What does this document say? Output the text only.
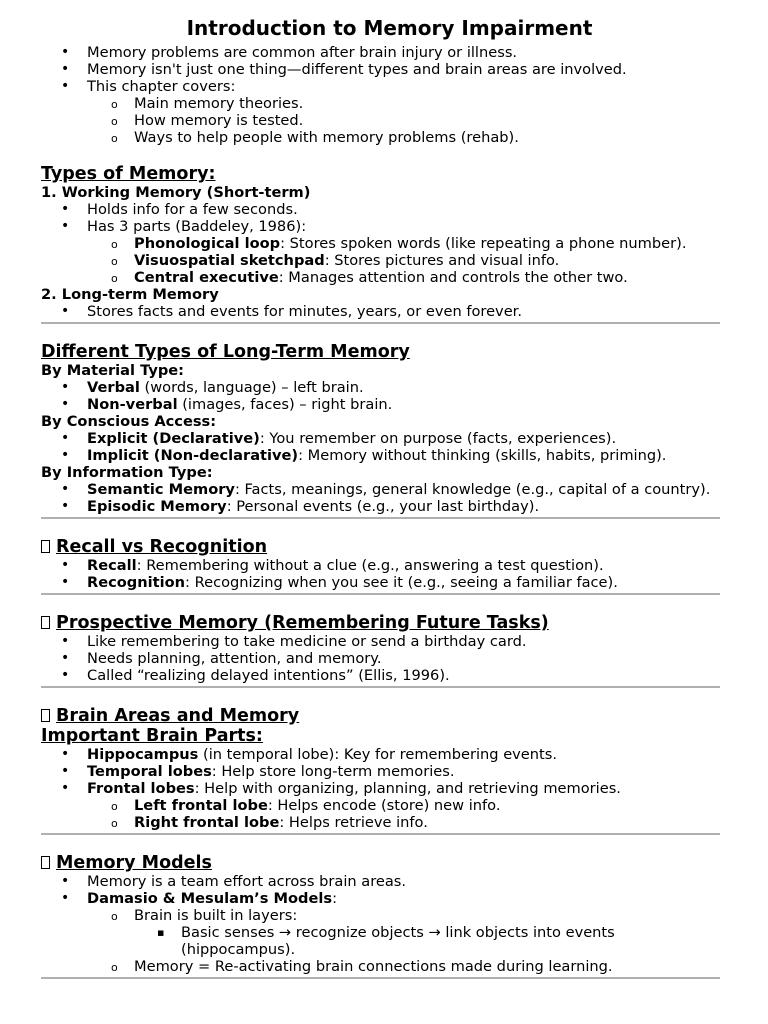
Introduction to Memory Impairment
• Memory problems are common after brain injury or illness.
• Memory isn't just one thing—different types and brain areas are involved.
• This chapter covers:
o Main memory theories.
o How memory is tested.
o Ways to help people with memory problems (rehab).
Types of Memory:
1. Working Memory (Short-term)
• Holds info for a few seconds.
• Has 3 parts (Baddeley, 1986):
o Phonological loop: Stores spoken words (like repeating a phone number).
o Visuospatial sketchpad: Stores pictures and visual info.
o Central executive: Manages attention and controls the other two.
2. Long-term Memory
• Stores facts and events for minutes, years, or even forever.
Different Types of Long-Term Memory
By Material Type:
• Verbal (words, language) – left brain.
• Non-verbal (images, faces) – right brain.
By Conscious Access:
• Explicit (Declarative): You remember on purpose (facts, experiences).
• Implicit (Non-declarative): Memory without thinking (skills, habits, priming).
By Information Type:
• Semantic Memory: Facts, meanings, general knowledge (e.g., capital of a country).
• Episodic Memory: Personal events (e.g., your last birthday).
Recall vs Recognition
• Recall: Remembering without a clue (e.g., answering a test question).
• Recognition: Recognizing when you see it (e.g., seeing a familiar face).
Prospective Memory (Remembering Future Tasks)
• Like remembering to take medicine or send a birthday card.
• Needs planning, attention, and memory.
• Called “realizing delayed intentions” (Ellis, 1996).
Brain Areas and Memory
Important Brain Parts:
• Hippocampus (in temporal lobe): Key for remembering events.
• Temporal lobes: Help store long-term memories.
• Frontal lobes: Help with organizing, planning, and retrieving memories.
o Left frontal lobe: Helps encode (store) new info.
o Right frontal lobe: Helps retrieve info.
Memory Models
• Memory is a team effort across brain areas.
• Damasio & Mesulam’s Models:
o Brain is built in layers:
▪ Basic senses → recognize objects → link objects into events (hippocampus).
o Memory = Re-activating brain connections made during learning.
